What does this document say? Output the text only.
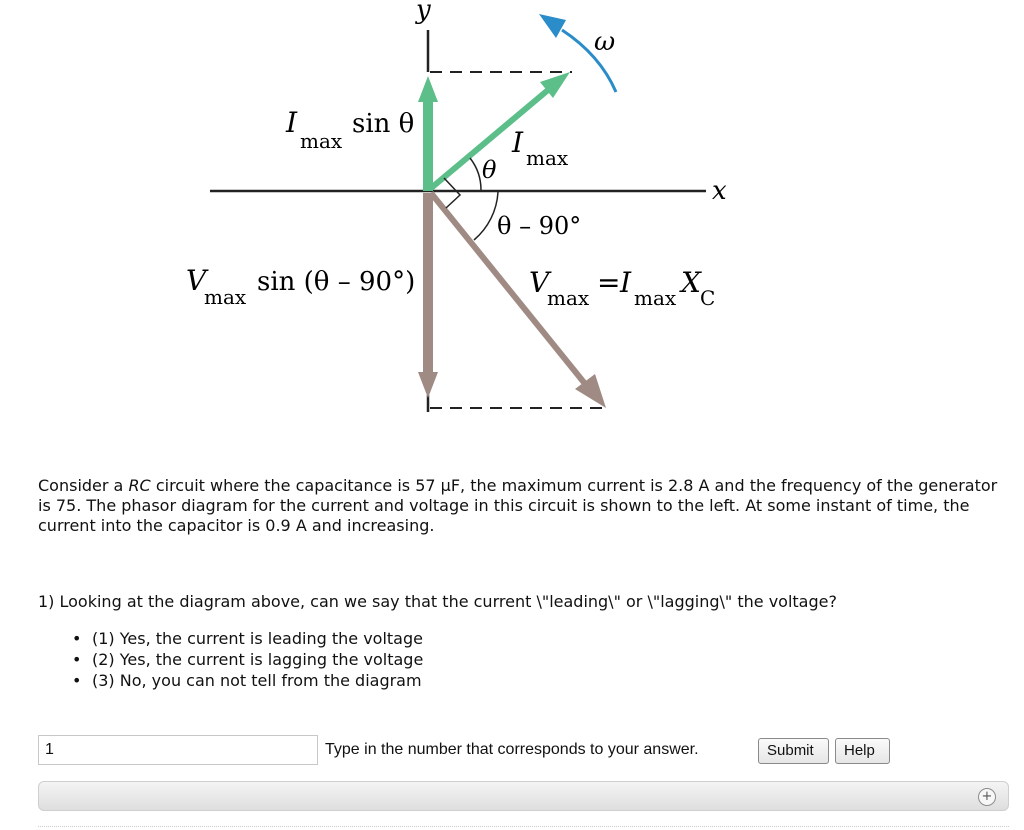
y
x
ω
θ
θ – 90°
I
max
sin θ
I max
V
max sin (θ – 90°)	V
max = I max X C
Consider a RC circuit where the capacitance is 57 µF, the maximum current is 2.8 A and the frequency of the generator is 75. The phasor diagram for the current and voltage in this circuit is shown to the left. At some instant of time, the current into the capacitor is 0.9 A and increasing.
1) Looking at the diagram above, can we say that the current \"leading\" or \"lagging\" the voltage?
• (1) Yes, the current is leading the voltage
• (2) Yes, the current is lagging the voltage
• (3) No, you can not tell from the diagram
1
Type in the number that corresponds to your answer.	Submit	Help
+
